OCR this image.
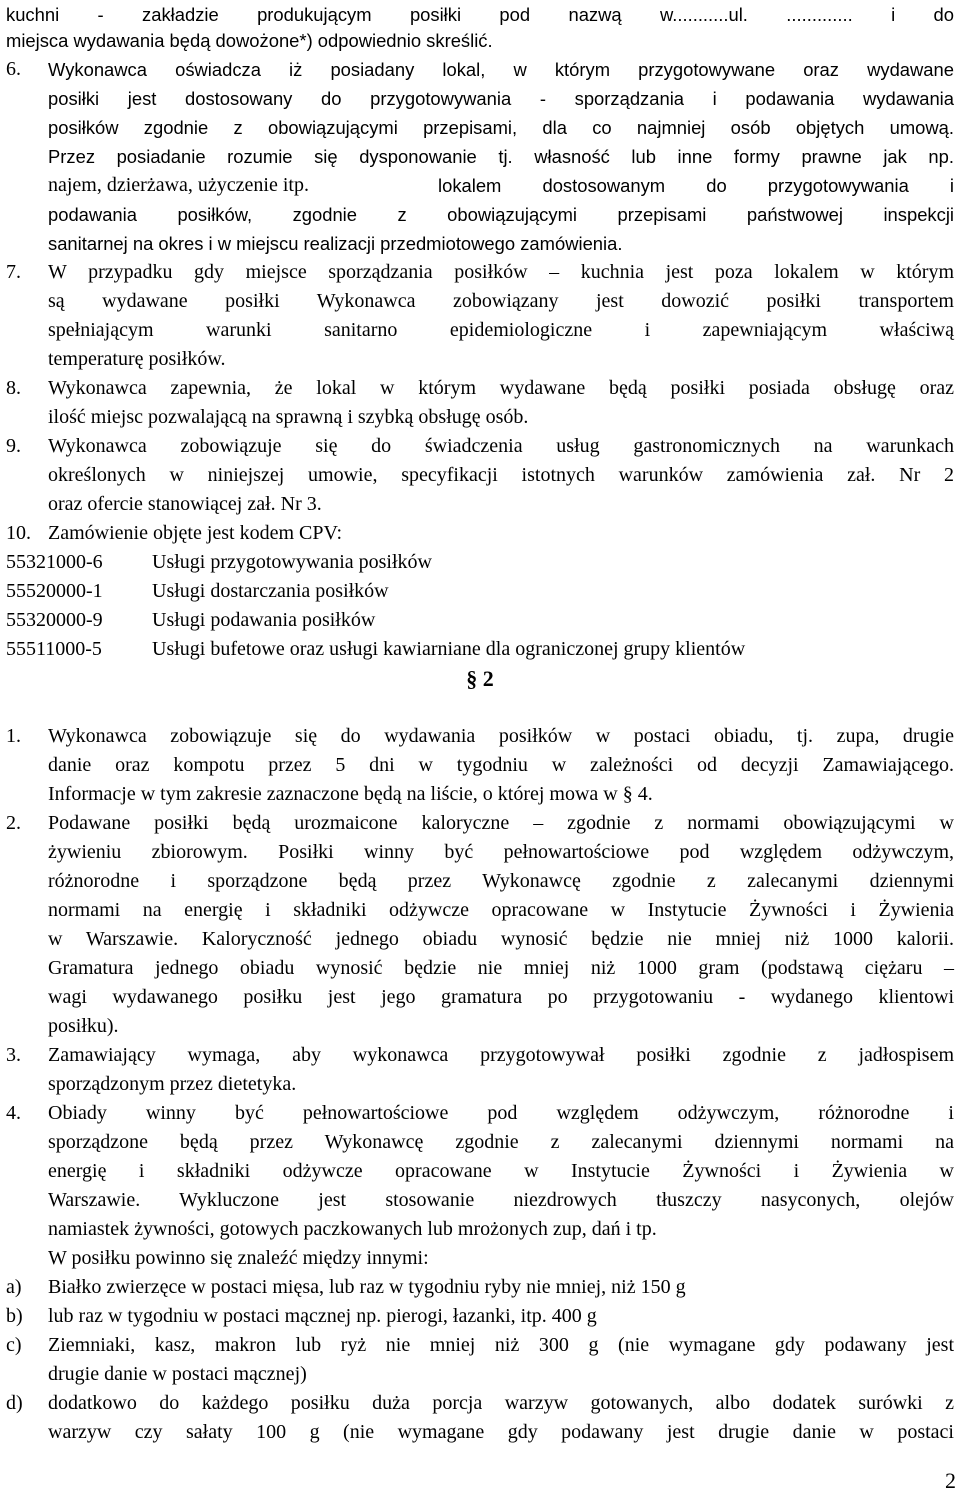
kuchni - zakładzie produkującym posiłki pod nazwą w...........ul. ............. i do
miejsca wydawania będą dowożone*) odpowiednio skreślić.
6.	Wykonawca oświadcza iż posiadany lokal, w którym przygotowywane oraz wydawane
posiłki jest dostosowany do przygotowywania - sporządzania i podawania wydawania
posiłków zgodnie z obowiązującymi przepisami, dla co najmniej osób objętych umową.
Przez posiadanie rozumie się dysponowanie tj. własność lub inne formy prawne jak np.
najem, dzierżawa, użyczenie itp.	lokalem dostosowanym do przygotowywania i
podawania posiłków, zgodnie z obowiązującymi przepisami państwowej inspekcji
sanitarnej na okres i w miejscu realizacji przedmiotowego zamówienia.
7.	W przypadku gdy miejsce sporządzania posiłków – kuchnia jest poza lokalem w którym
są wydawane posiłki Wykonawca zobowiązany jest dowozić posiłki transportem
spełniającym warunki sanitarno epidemiologiczne i zapewniającym właściwą
temperaturę posiłków.
8.	Wykonawca zapewnia, że lokal w którym wydawane będą posiłki posiada obsługę oraz
ilość miejsc pozwalającą na sprawną i szybką obsługę osób.
9.	Wykonawca zobowiązuje się do świadczenia usług gastronomicznych na warunkach
określonych w niniejszej umowie, specyfikacji istotnych warunków zamówienia zał. Nr 2
oraz ofercie stanowiącej zał. Nr 3.
10. Zamówienie objęte jest kodem CPV:
55321000-6	Usługi przygotowywania posiłków
55520000-1	Usługi dostarczania posiłków
55320000-9	Usługi podawania posiłków
55511000-5	Usługi bufetowe oraz usługi kawiarniane dla ograniczonej grupy klientów
§ 2
1.	Wykonawca zobowiązuje się do wydawania posiłków w postaci obiadu, tj. zupa, drugie
danie oraz kompotu przez 5 dni w tygodniu w zależności od decyzji Zamawiającego.
Informacje w tym zakresie zaznaczone będą na liście, o której mowa w § 4.
2.	Podawane posiłki będą urozmaicone kaloryczne – zgodnie z normami obowiązującymi w
żywieniu zbiorowym. Posiłki winny być pełnowartościowe pod względem odżywczym,
różnorodne i sporządzone będą przez Wykonawcę zgodnie z zalecanymi dziennymi
normami na energię i składniki odżywcze opracowane w Instytucie Żywności i Żywienia
w Warszawie. Kaloryczność jednego obiadu wynosić będzie nie mniej niż 1000 kalorii.
Gramatura jednego obiadu wynosić będzie nie mniej niż 1000 gram (podstawą ciężaru –
wagi wydawanego posiłku jest jego gramatura po przygotowaniu - wydanego klientowi
posiłku).
3.	Zamawiający wymaga, aby wykonawca przygotowywał posiłki zgodnie z jadłospisem
sporządzonym przez dietetyka.
4.	Obiady winny być pełnowartościowe pod względem odżywczym, różnorodne i
sporządzone będą przez Wykonawcę zgodnie z zalecanymi dziennymi normami na
energię i składniki odżywcze opracowane w Instytucie Żywności i Żywienia w
Warszawie. Wykluczone jest stosowanie niezdrowych tłuszczy nasyconych, olejów
namiastek żywności, gotowych paczkowanych lub mrożonych zup, dań i tp.
W posiłku powinno się znaleźć między innymi:
a)	Białko zwierzęce w postaci mięsa, lub raz w tygodniu ryby nie mniej, niż 150 g
b)	lub raz w tygodniu w postaci mącznej np. pierogi, łazanki, itp. 400 g
c)	Ziemniaki, kasz, makron lub ryż nie mniej niż 300 g (nie wymagane gdy podawany jest
drugie danie w postaci mącznej)
d)	dodatkowo do każdego posiłku duża porcja warzyw gotowanych, albo dodatek surówki z
warzyw czy sałaty 100 g (nie wymagane gdy podawany jest drugie danie w postaci
2
